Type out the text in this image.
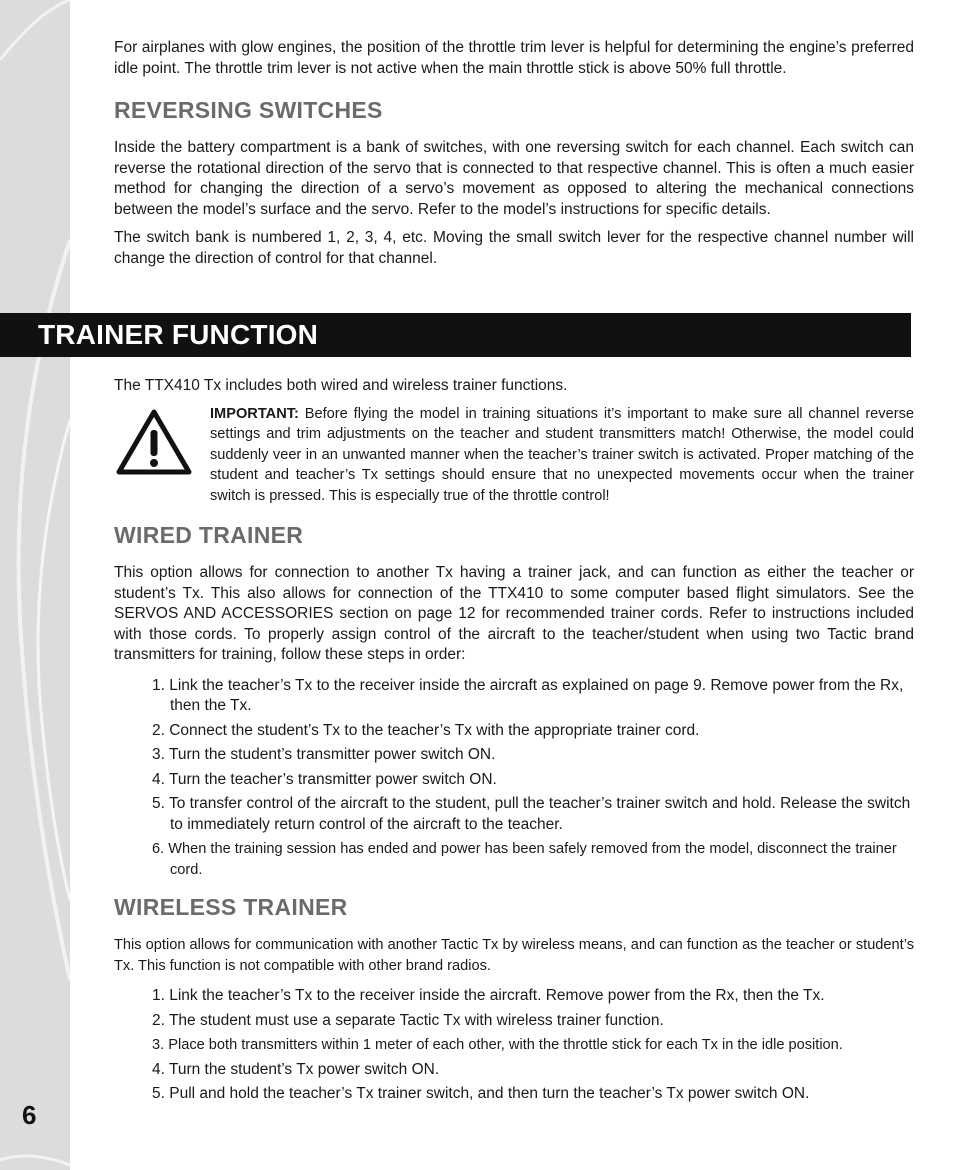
6

For airplanes with glow engines, the position of the throttle trim lever is helpful for determining the engine’s preferred idle point. The throttle trim lever is not active when the main throttle stick is above 50% full throttle.

REVERSING SWITCHES

Inside the battery compartment is a bank of switches, with one reversing switch for each channel. Each switch can reverse the rotational direction of the servo that is connected to that respective channel. This is often a much easier method for changing the direction of a servo’s movement as opposed to altering the mechanical connections between the model’s surface and the servo. Refer to the model’s instructions for specific details.

The switch bank is numbered 1, 2, 3, 4, etc. Moving the small switch lever for the respective channel number will change the direction of control for that channel.

TRAINER FUNCTION

The TTX410 Tx includes both wired and wireless trainer functions.

IMPORTANT: Before flying the model in training situations it’s important to make sure all channel reverse settings and trim adjustments on the teacher and student transmitters match! Otherwise, the model could suddenly veer in an unwanted manner when the teacher’s trainer switch is activated. Proper matching of the student and teacher’s Tx settings should ensure that no unexpected movements occur when the trainer switch is pressed. This is especially true of the throttle control!
WIRED TRAINER

This option allows for connection to another Tx having a trainer jack, and can function as either the teacher or student’s Tx. This also allows for connection of the TTX410 to some computer based flight simulators. See the SERVOS AND ACCESSORIES section on page 12 for recommended trainer cords. Refer to instructions included with those cords. To properly assign control of the aircraft to the teacher/student when using two Tactic brand transmitters for training, follow these steps in order:

1. Link the teacher’s Tx to the receiver inside the aircraft as explained on page 9. Remove power from the Rx, then the Tx.
2. Connect the student’s Tx to the teacher’s Tx with the appropriate trainer cord.
3. Turn the student’s transmitter power switch ON.
4. Turn the teacher’s transmitter power switch ON.
5. To transfer control of the aircraft to the student, pull the teacher’s trainer switch and hold. Release the switch to immediately return control of the aircraft to the teacher.
6. When the training session has ended and power has been safely removed from the model, disconnect the trainer cord.
WIRELESS TRAINER

This option allows for communication with another Tactic Tx by wireless means, and can function as the teacher or student’s Tx. This function is not compatible with other brand radios.

1. Link the teacher’s Tx to the receiver inside the aircraft. Remove power from the Rx, then the Tx.
2. The student must use a separate Tactic Tx with wireless trainer function.
3. Place both transmitters within 1 meter of each other, with the throttle stick for each Tx in the idle position.
4. Turn the student’s Tx power switch ON.
5. Pull and hold the teacher’s Tx trainer switch, and then turn the teacher’s Tx power switch ON.
